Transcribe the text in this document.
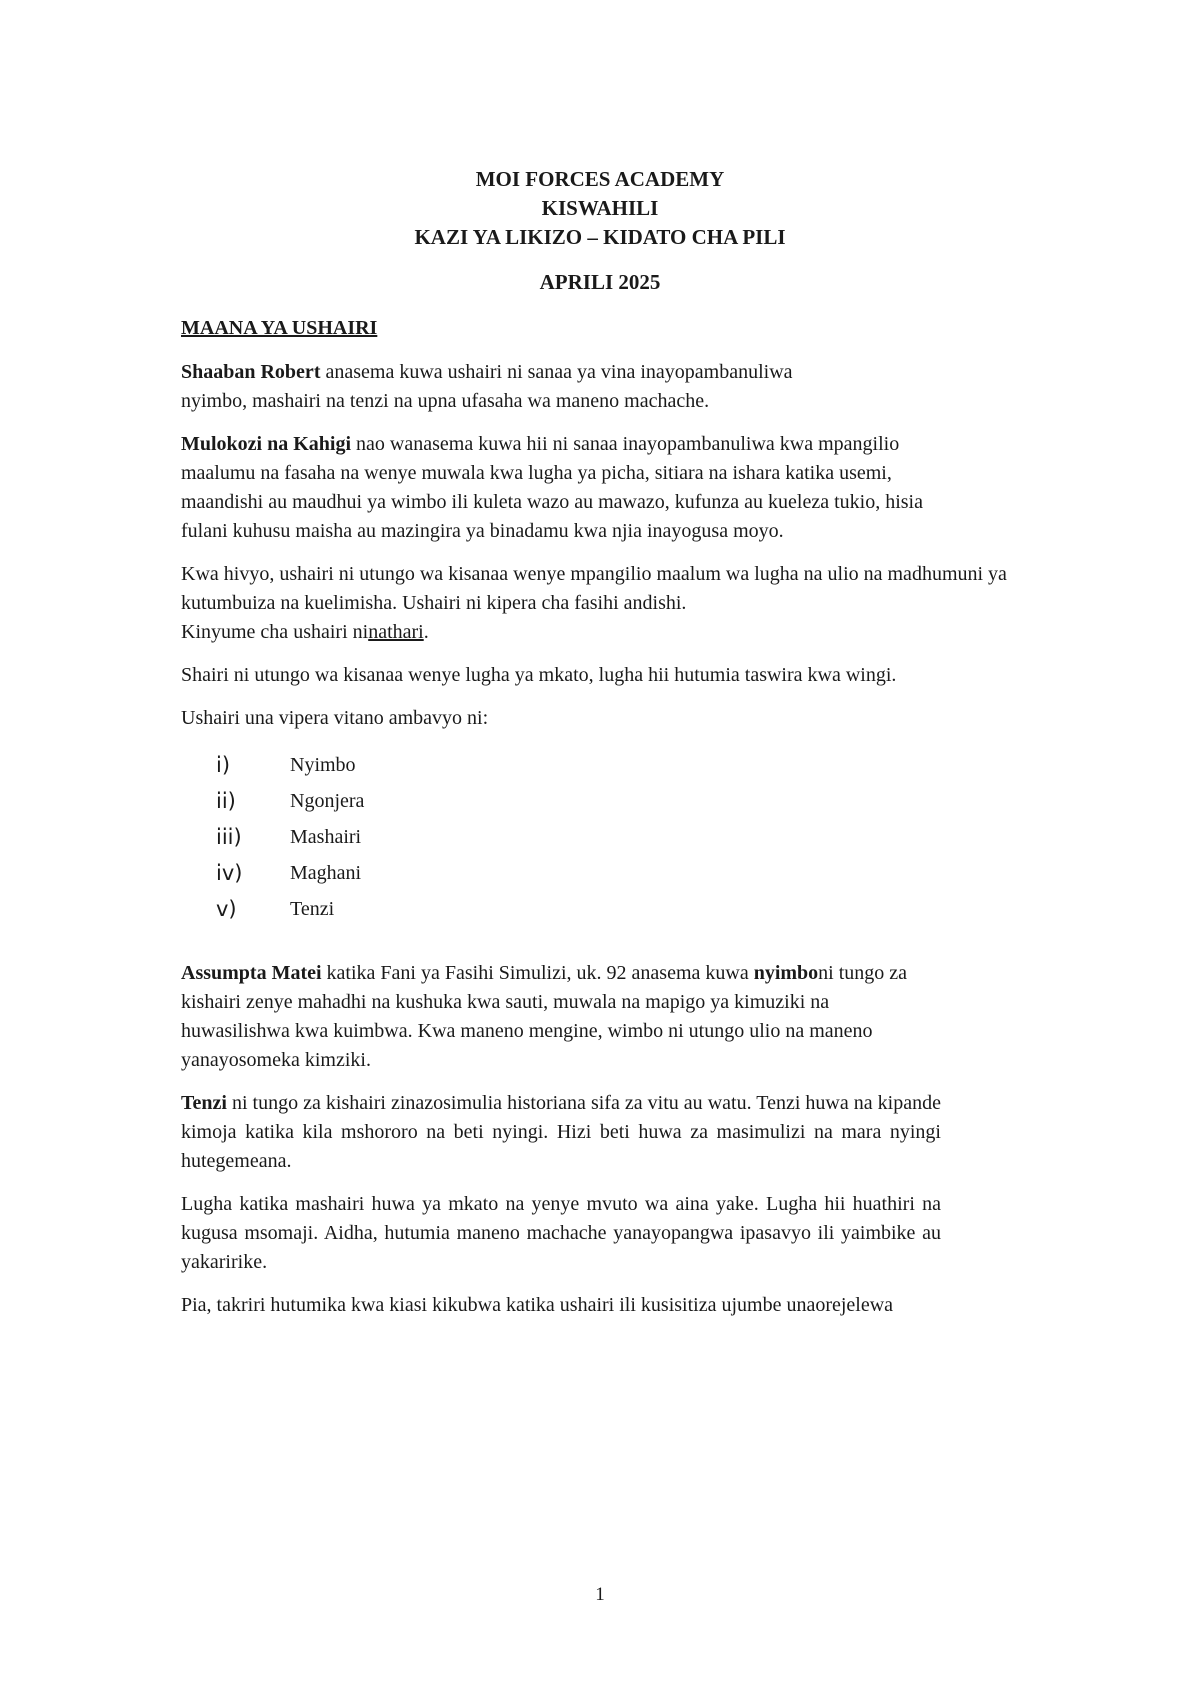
MOI FORCES ACADEMY
KISWAHILI
KAZI YA LIKIZO – KIDATO CHA PILI
APRILI 2025
MAANA YA USHAIRI

Shaaban Robert anasema kuwa ushairi ni sanaa ya vina inayopambanuliwa
nyimbo, mashairi na tenzi na upna ufasaha wa maneno machache.

Mulokozi na Kahigi nao wanasema kuwa hii ni sanaa inayopambanuliwa kwa mpangilio maalumu na fasaha na wenye muwala kwa lugha ya picha, sitiara na ishara katika usemi, maandishi au maudhui ya wimbo ili kuleta wazo au mawazo, kufunza au kueleza tukio, hisia fulani kuhusu maisha au mazingira ya binadamu kwa njia inayogusa moyo.

Kwa hivyo, ushairi ni utungo wa kisanaa wenye mpangilio maalum wa lugha na ulio na madhumuni ya kutumbuiza na kuelimisha. Ushairi ni kipera cha fasihi andishi.
Kinyume cha ushairi ninathari.

Shairi ni utungo wa kisanaa wenye lugha ya mkato, lugha hii hutumia taswira kwa wingi.

Ushairi una vipera vitano ambavyo ni:

i)	Nyimbo
ii)	Ngonjera
iii)	Mashairi
iv)	Maghani
v)	Tenzi

Assumpta Matei katika Fani ya Fasihi Simulizi, uk. 92 anasema kuwa nyimboni tungo za kishairi zenye mahadhi na kushuka kwa sauti, muwala na mapigo ya kimuziki na huwasilishwa kwa kuimbwa. Kwa maneno mengine, wimbo ni utungo ulio na maneno yanayosomeka kimziki.

Tenzi ni tungo za kishairi zinazosimulia historiana sifa za vitu au watu. Tenzi huwa na kipande kimoja katika kila mshororo na beti nyingi. Hizi beti huwa za masimulizi na mara nyingi hutegemeana.

Lugha katika mashairi huwa ya mkato na yenye mvuto wa aina yake. Lugha hii huathiri na kugusa msomaji. Aidha, hutumia maneno machache yanayopangwa ipasavyo ili yaimbike au yakaririke.

Pia, takriri hutumika kwa kiasi kikubwa katika ushairi ili kusisitiza ujumbe unaorejelewa

1
